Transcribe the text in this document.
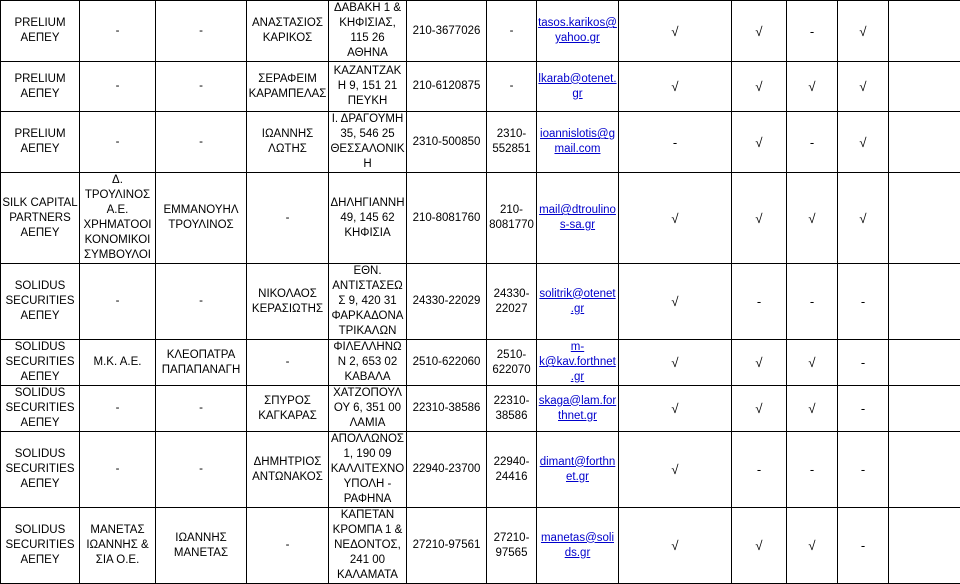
PRELIUM ΑΕΠΕΥ	-	-	ΑΝΑΣΤΑΣΙΟΣ ΚΑΡΙΚΟΣ	ΔΑΒΑΚΗ 1 & ΚΗΦΙΣΙΑΣ, 115 26 ΑΘΗΝΑ	210-3677026	-	tasos.karikos@yahoo.gr	√	√	-	√	
PRELIUM ΑΕΠΕΥ	-	-	ΣΕΡΑΦΕΙΜ ΚΑΡΑΜΠΕΛΑΣ	ΚΑΖΑΝΤΖΑΚΗ 9, 151 21 ΠΕΥΚΗ	210-6120875	-	lkarab@otenet.gr	√	√	√	√	
PRELIUM ΑΕΠΕΥ	-	-	ΙΩΑΝΝΗΣ ΛΩΤΗΣ	Ι. ΔΡΑΓΟΥΜΗ 35, 546 25 ΘΕΣΣΑΛΟΝΙΚΗ	2310-500850	2310-552851	ioannislotis@gmail.com	-	√	-	√	
SILK CAPITAL PARTNERS ΑΕΠΕΥ	Δ. ΤΡΟΥΛΙΝΟΣ Α.Ε. ΧΡΗΜΑΤΟΟΙΚΟΝΟΜΙΚΟΙ ΣΥΜΒΟΥΛΟΙ	ΕΜΜΑΝΟΥΗΛ ΤΡΟΥΛΙΝΟΣ	-	ΔΗΛΗΓΙΑΝΝΗ 49, 145 62 ΚΗΦΙΣΙΑ	210-8081760	210-8081770	mail@dtroulinos-sa.gr	√	√	√	√	
SOLIDUS SECURITIES ΑΕΠΕΥ	-	-	ΝΙΚΟΛΑΟΣ ΚΕΡΑΣΙΩΤΗΣ	ΕΘΝ. ΑΝΤΙΣΤΑΣΕΩΣ 9, 420 31 ΦΑΡΚΑΔΟΝΑ ΤΡΙΚΑΛΩΝ	24330-22029	24330-22027	solitrik@otenet.gr	√	-	-	-	
SOLIDUS SECURITIES ΑΕΠΕΥ	Μ.Κ. Α.Ε.	ΚΛΕΟΠΑΤΡΑ ΠΑΠΑΠΑΝΑΓΗ	-	ΦΙΛΕΛΛΗΝΩΝ 2, 653 02 ΚΑΒΑΛΑ	2510-622060	2510-622070	m-k@kav.forthnet.gr	√	√	√	-	
SOLIDUS SECURITIES ΑΕΠΕΥ	-	-	ΣΠΥΡΟΣ ΚΑΓΚΑΡΑΣ	ΧΑΤΖΟΠΟΥΛΟΥ 6, 351 00 ΛΑΜΙΑ	22310-38586	22310-38586	skaga@lam.forthnet.gr	√	√	√	-	
SOLIDUS SECURITIES ΑΕΠΕΥ	-	-	ΔΗΜΗΤΡΙΟΣ ΑΝΤΩΝΑΚΟΣ	ΑΠΟΛΛΩΝΟΣ 1, 190 09 ΚΑΛΛΙΤΕΧΝΟΥΠΟΛΗ - ΡΑΦΗΝΑ	22940-23700	22940-24416	dimant@forthnet.gr	√	-	-	-	
SOLIDUS SECURITIES ΑΕΠΕΥ	ΜΑΝΕΤΑΣ ΙΩΑΝΝΗΣ & ΣΙΑ Ο.Ε.	ΙΩΑΝΝΗΣ ΜΑΝΕΤΑΣ	-	ΚΑΠΕΤΑΝ ΚΡΟΜΠΑ 1 & ΝΕΔΟΝΤΟΣ, 241 00 ΚΑΛΑΜΑΤΑ	27210-97561	27210-97565	manetas@solids.gr	√	√	√	-	
